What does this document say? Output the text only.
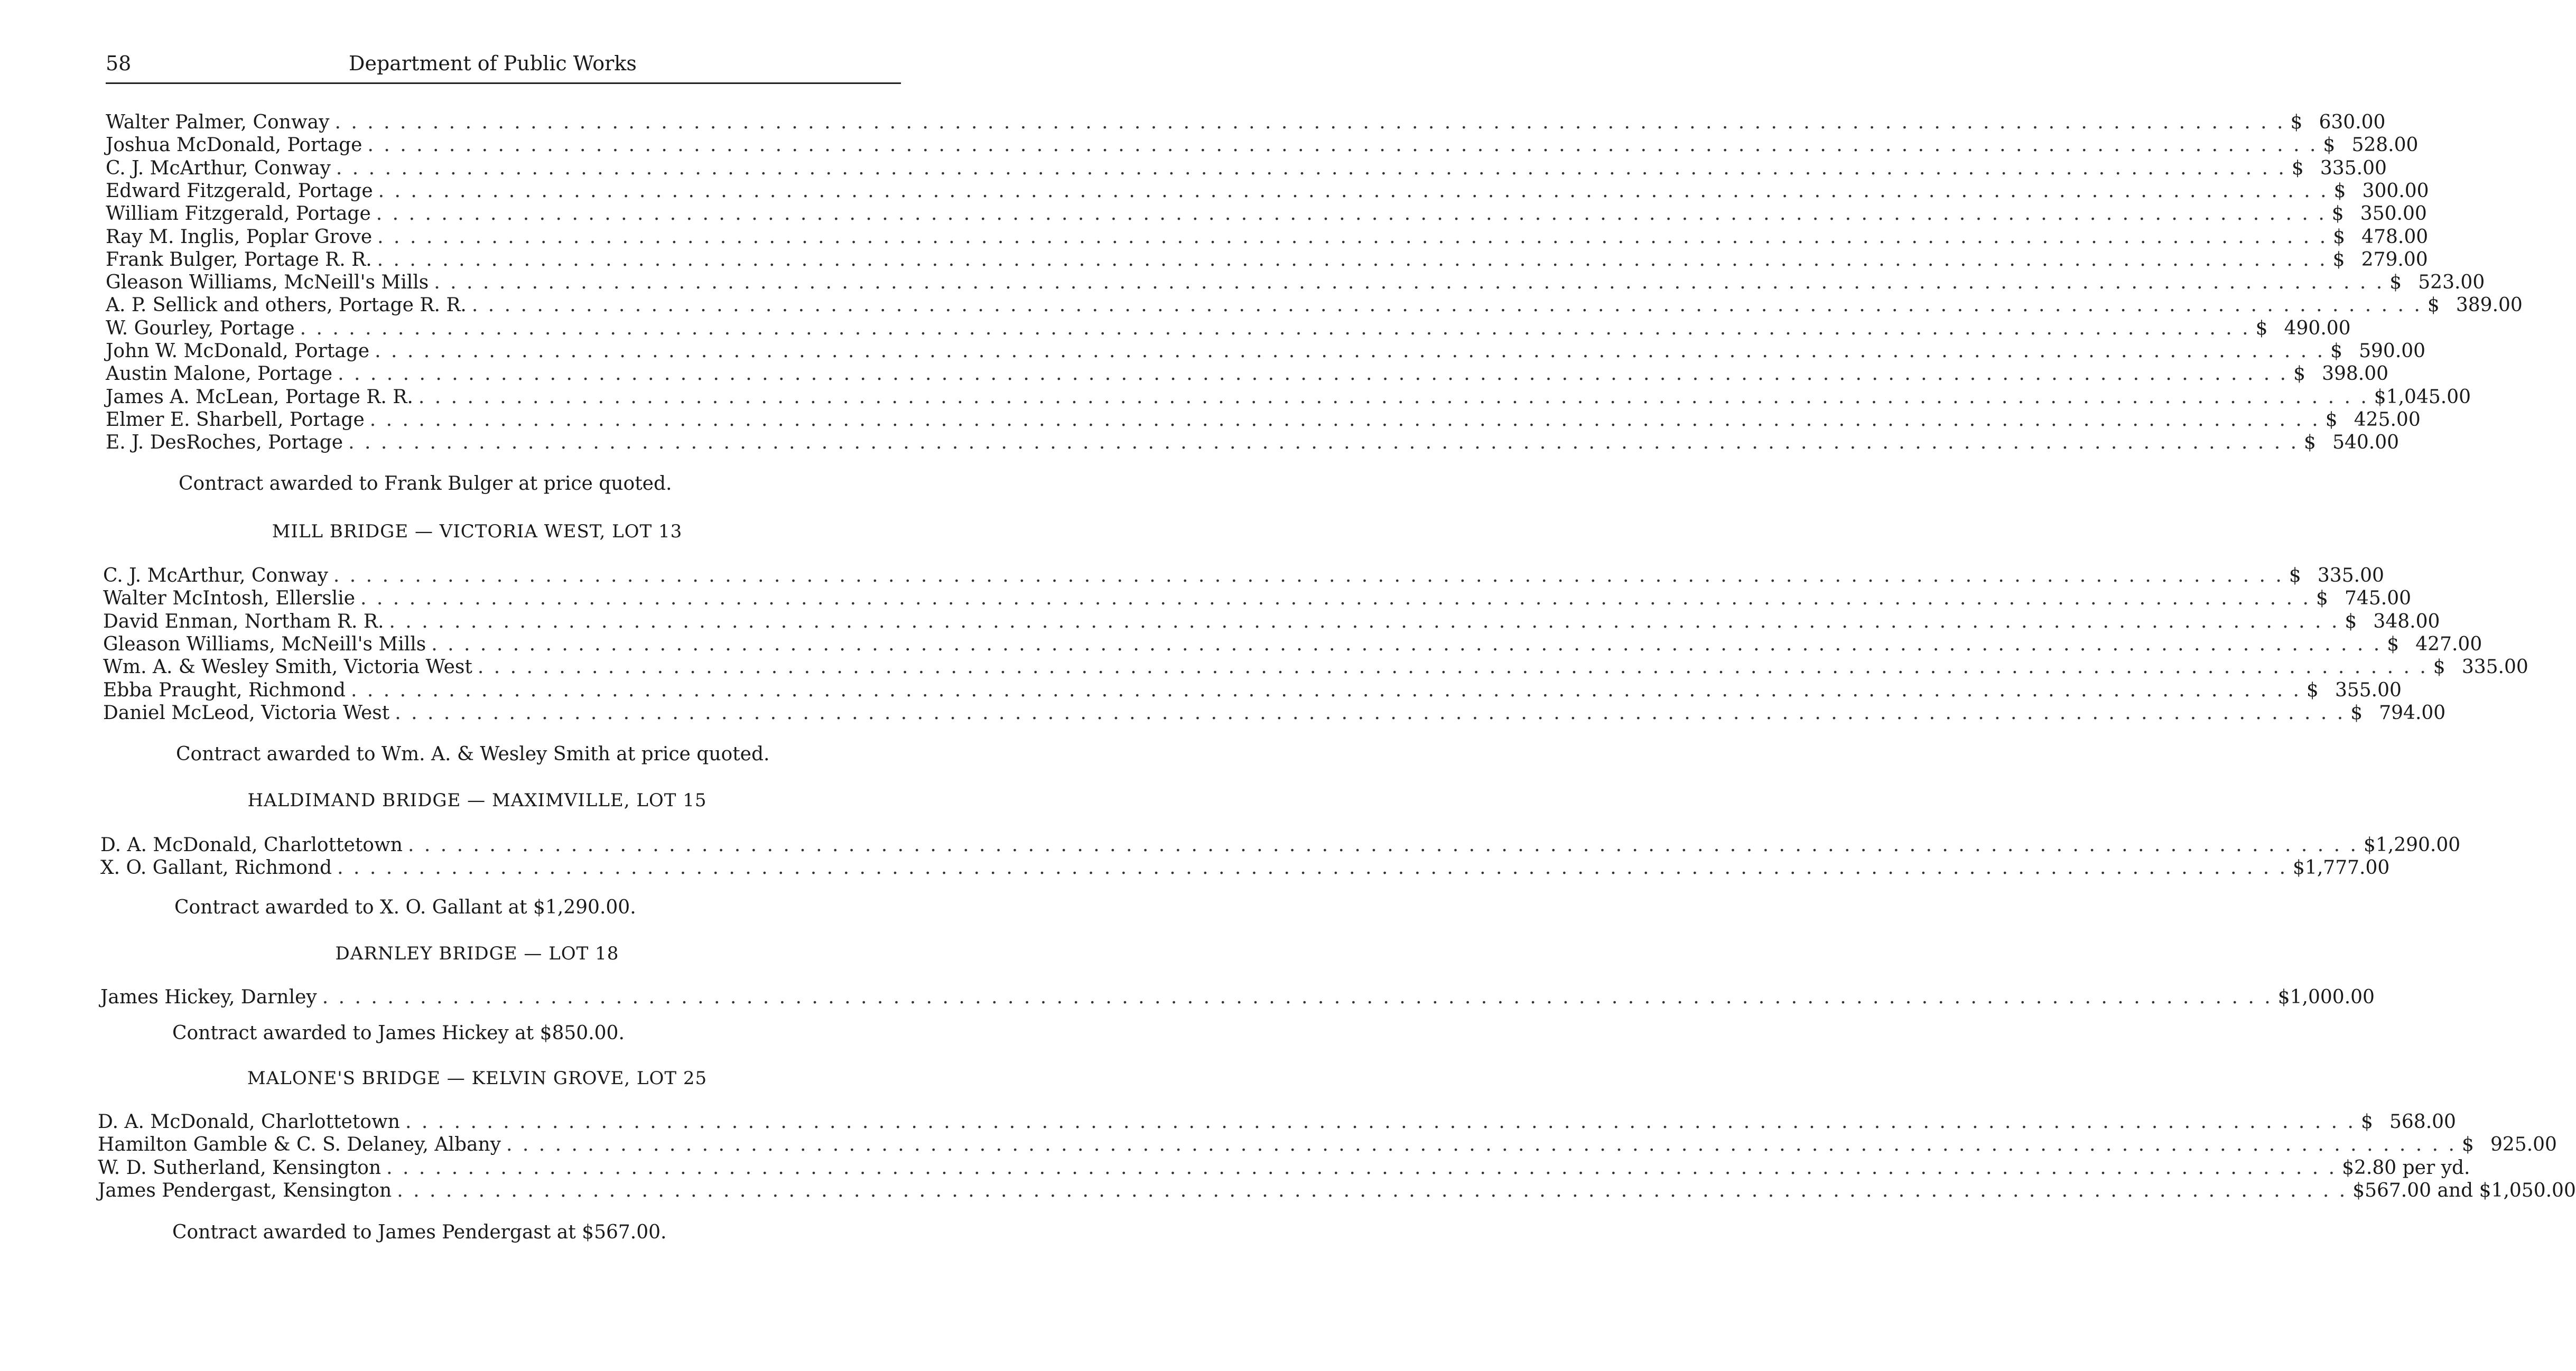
58	Department of Public Works
Walter Palmer, Conway . . . . . . . . . . . . . . . . . . . . . . . . . . . . . . . . . . . . . . . . . . . . . . . . . . . . . . . . . . . . . . . . . . . . . . . . . . . . . . . . . . . . . . . . . . . . . . . . . . . . . . . . . . . . . . . . . . . . . . . . $ 630.00
Joshua McDonald, Portage . . . . . . . . . . . . . . . . . . . . . . . . . . . . . . . . . . . . . . . . . . . . . . . . . . . . . . . . . . . . . . . . . . . . . . . . . . . . . . . . . . . . . . . . . . . . . . . . . . . . . . . . . . . . . . . . . . . . . . . . $ 528.00
C. J. McArthur, Conway . . . . . . . . . . . . . . . . . . . . . . . . . . . . . . . . . . . . . . . . . . . . . . . . . . . . . . . . . . . . . . . . . . . . . . . . . . . . . . . . . . . . . . . . . . . . . . . . . . . . . . . . . . . . . . . . . . . . . . . . $ 335.00
Edward Fitzgerald, Portage . . . . . . . . . . . . . . . . . . . . . . . . . . . . . . . . . . . . . . . . . . . . . . . . . . . . . . . . . . . . . . . . . . . . . . . . . . . . . . . . . . . . . . . . . . . . . . . . . . . . . . . . . . . . . . . . . . . . . . . . $ 300.00
William Fitzgerald, Portage . . . . . . . . . . . . . . . . . . . . . . . . . . . . . . . . . . . . . . . . . . . . . . . . . . . . . . . . . . . . . . . . . . . . . . . . . . . . . . . . . . . . . . . . . . . . . . . . . . . . . . . . . . . . . . . . . . . . . . . . $ 350.00
Ray M. Inglis, Poplar Grove . . . . . . . . . . . . . . . . . . . . . . . . . . . . . . . . . . . . . . . . . . . . . . . . . . . . . . . . . . . . . . . . . . . . . . . . . . . . . . . . . . . . . . . . . . . . . . . . . . . . . . . . . . . . . . . . . . . . . . . . $ 478.00
Frank Bulger, Portage R. R. . . . . . . . . . . . . . . . . . . . . . . . . . . . . . . . . . . . . . . . . . . . . . . . . . . . . . . . . . . . . . . . . . . . . . . . . . . . . . . . . . . . . . . . . . . . . . . . . . . . . . . . . . . . . . . . . . . . . . . . . $ 279.00
Gleason Williams, McNeill's Mills . . . . . . . . . . . . . . . . . . . . . . . . . . . . . . . . . . . . . . . . . . . . . . . . . . . . . . . . . . . . . . . . . . . . . . . . . . . . . . . . . . . . . . . . . . . . . . . . . . . . . . . . . . . . . . . . . . . . . . . . $ 523.00
A. P. Sellick and others, Portage R. R. . . . . . . . . . . . . . . . . . . . . . . . . . . . . . . . . . . . . . . . . . . . . . . . . . . . . . . . . . . . . . . . . . . . . . . . . . . . . . . . . . . . . . . . . . . . . . . . . . . . . . . . . . . . . . . . . . . . . . . . . $ 389.00
W. Gourley, Portage . . . . . . . . . . . . . . . . . . . . . . . . . . . . . . . . . . . . . . . . . . . . . . . . . . . . . . . . . . . . . . . . . . . . . . . . . . . . . . . . . . . . . . . . . . . . . . . . . . . . . . . . . . . . . . . . . . . . . . . . $ 490.00
John W. McDonald, Portage . . . . . . . . . . . . . . . . . . . . . . . . . . . . . . . . . . . . . . . . . . . . . . . . . . . . . . . . . . . . . . . . . . . . . . . . . . . . . . . . . . . . . . . . . . . . . . . . . . . . . . . . . . . . . . . . . . . . . . . . $ 590.00
Austin Malone, Portage . . . . . . . . . . . . . . . . . . . . . . . . . . . . . . . . . . . . . . . . . . . . . . . . . . . . . . . . . . . . . . . . . . . . . . . . . . . . . . . . . . . . . . . . . . . . . . . . . . . . . . . . . . . . . . . . . . . . . . . . $ 398.00
James A. McLean, Portage R. R. . . . . . . . . . . . . . . . . . . . . . . . . . . . . . . . . . . . . . . . . . . . . . . . . . . . . . . . . . . . . . . . . . . . . . . . . . . . . . . . . . . . . . . . . . . . . . . . . . . . . . . . . . . . . . . . . . . . . . . . . $1,045.00
Elmer E. Sharbell, Portage . . . . . . . . . . . . . . . . . . . . . . . . . . . . . . . . . . . . . . . . . . . . . . . . . . . . . . . . . . . . . . . . . . . . . . . . . . . . . . . . . . . . . . . . . . . . . . . . . . . . . . . . . . . . . . . . . . . . . . . . $ 425.00
E. J. DesRoches, Portage . . . . . . . . . . . . . . . . . . . . . . . . . . . . . . . . . . . . . . . . . . . . . . . . . . . . . . . . . . . . . . . . . . . . . . . . . . . . . . . . . . . . . . . . . . . . . . . . . . . . . . . . . . . . . . . . . . . . . . . . $ 540.00
Contract awarded to Frank Bulger at price quoted.
MILL BRIDGE — VICTORIA WEST, LOT 13
C. J. McArthur, Conway . . . . . . . . . . . . . . . . . . . . . . . . . . . . . . . . . . . . . . . . . . . . . . . . . . . . . . . . . . . . . . . . . . . . . . . . . . . . . . . . . . . . . . . . . . . . . . . . . . . . . . . . . . . . . . . . . . . . . . . . $ 335.00
Walter McIntosh, Ellerslie . . . . . . . . . . . . . . . . . . . . . . . . . . . . . . . . . . . . . . . . . . . . . . . . . . . . . . . . . . . . . . . . . . . . . . . . . . . . . . . . . . . . . . . . . . . . . . . . . . . . . . . . . . . . . . . . . . . . . . . . $ 745.00
David Enman, Northam R. R. . . . . . . . . . . . . . . . . . . . . . . . . . . . . . . . . . . . . . . . . . . . . . . . . . . . . . . . . . . . . . . . . . . . . . . . . . . . . . . . . . . . . . . . . . . . . . . . . . . . . . . . . . . . . . . . . . . . . . . . . $ 348.00
Gleason Williams, McNeill's Mills . . . . . . . . . . . . . . . . . . . . . . . . . . . . . . . . . . . . . . . . . . . . . . . . . . . . . . . . . . . . . . . . . . . . . . . . . . . . . . . . . . . . . . . . . . . . . . . . . . . . . . . . . . . . . . . . . . . . . . . . $ 427.00
Wm. A. & Wesley Smith, Victoria West . . . . . . . . . . . . . . . . . . . . . . . . . . . . . . . . . . . . . . . . . . . . . . . . . . . . . . . . . . . . . . . . . . . . . . . . . . . . . . . . . . . . . . . . . . . . . . . . . . . . . . . . . . . . . . . . . . . . . . . . $ 335.00
Ebba Praught, Richmond . . . . . . . . . . . . . . . . . . . . . . . . . . . . . . . . . . . . . . . . . . . . . . . . . . . . . . . . . . . . . . . . . . . . . . . . . . . . . . . . . . . . . . . . . . . . . . . . . . . . . . . . . . . . . . . . . . . . . . . . $ 355.00
Daniel McLeod, Victoria West . . . . . . . . . . . . . . . . . . . . . . . . . . . . . . . . . . . . . . . . . . . . . . . . . . . . . . . . . . . . . . . . . . . . . . . . . . . . . . . . . . . . . . . . . . . . . . . . . . . . . . . . . . . . . . . . . . . . . . . . $ 794.00
Contract awarded to Wm. A. & Wesley Smith at price quoted.
HALDIMAND BRIDGE — MAXIMVILLE, LOT 15
D. A. McDonald, Charlottetown . . . . . . . . . . . . . . . . . . . . . . . . . . . . . . . . . . . . . . . . . . . . . . . . . . . . . . . . . . . . . . . . . . . . . . . . . . . . . . . . . . . . . . . . . . . . . . . . . . . . . . . . . . . . . . . . . . . . . . . . $1,290.00
X. O. Gallant, Richmond . . . . . . . . . . . . . . . . . . . . . . . . . . . . . . . . . . . . . . . . . . . . . . . . . . . . . . . . . . . . . . . . . . . . . . . . . . . . . . . . . . . . . . . . . . . . . . . . . . . . . . . . . . . . . . . . . . . . . . . . $1,777.00
Contract awarded to X. O. Gallant at $1,290.00.
DARNLEY BRIDGE — LOT 18
James Hickey, Darnley . . . . . . . . . . . . . . . . . . . . . . . . . . . . . . . . . . . . . . . . . . . . . . . . . . . . . . . . . . . . . . . . . . . . . . . . . . . . . . . . . . . . . . . . . . . . . . . . . . . . . . . . . . . . . . . . . . . . . . . . $1,000.00
Contract awarded to James Hickey at $850.00.
MALONE'S BRIDGE — KELVIN GROVE, LOT 25
D. A. McDonald, Charlottetown . . . . . . . . . . . . . . . . . . . . . . . . . . . . . . . . . . . . . . . . . . . . . . . . . . . . . . . . . . . . . . . . . . . . . . . . . . . . . . . . . . . . . . . . . . . . . . . . . . . . . . . . . . . . . . . . . . . . . . . . $ 568.00
Hamilton Gamble & C. S. Delaney, Albany . . . . . . . . . . . . . . . . . . . . . . . . . . . . . . . . . . . . . . . . . . . . . . . . . . . . . . . . . . . . . . . . . . . . . . . . . . . . . . . . . . . . . . . . . . . . . . . . . . . . . . . . . . . . . . . . . . . . . . . . $ 925.00
W. D. Sutherland, Kensington . . . . . . . . . . . . . . . . . . . . . . . . . . . . . . . . . . . . . . . . . . . . . . . . . . . . . . . . . . . . . . . . . . . . . . . . . . . . . . . . . . . . . . . . . . . . . . . . . . . . . . . . . . . . . . . . . . . . . . . . $2.80 per yd.
James Pendergast, Kensington . . . . . . . . . . . . . . . . . . . . . . . . . . . . . . . . . . . . . . . . . . . . . . . . . . . . . . . . . . . . . . . . . . . . . . . . . . . . . . . . . . . . . . . . . . . . . . . . . . . . . . . . . . . . . . . . . . . . . . . . $567.00 and $1,050.00
Contract awarded to James Pendergast at $567.00.
